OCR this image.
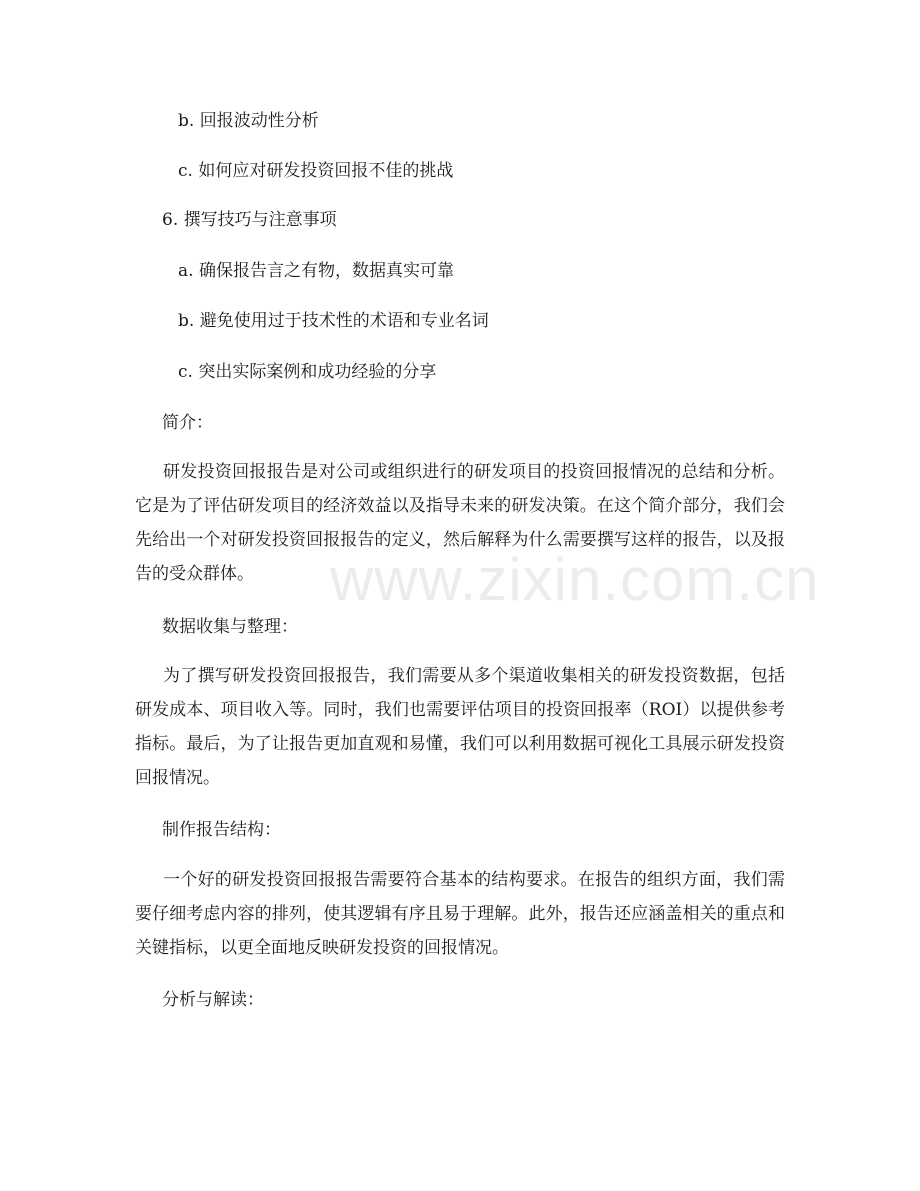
b. 回报波动性分析
c. 如何应对研发投资回报不佳的挑战
6. 撰写技巧与注意事项
a. 确保报告言之有物，数据真实可靠
b. 避免使用过于技术性的术语和专业名词
c. 突出实际案例和成功经验的分享
简介：
研发投资回报报告是对公司或组织进行的研发项目的投资回报情况的总结和分析。它是为了评估研发项目的经济效益以及指导未来的研发决策。在这个简介部分，我们会先给出一个对研发投资回报报告的定义，然后解释为什么需要撰写这样的报告，以及报告的受众群体。
数据收集与整理：
为了撰写研发投资回报报告，我们需要从多个渠道收集相关的研发投资数据，包括研发成本、项目收入等。同时，我们也需要评估项目的投资回报率（ROI）以提供参考指标。最后，为了让报告更加直观和易懂，我们可以利用数据可视化工具展示研发投资回报情况。
制作报告结构：
一个好的研发投资回报报告需要符合基本的结构要求。在报告的组织方面，我们需要仔细考虑内容的排列，使其逻辑有序且易于理解。此外，报告还应涵盖相关的重点和关键指标，以更全面地反映研发投资的回报情况。
分析与解读：
www.zixin.com.cn
